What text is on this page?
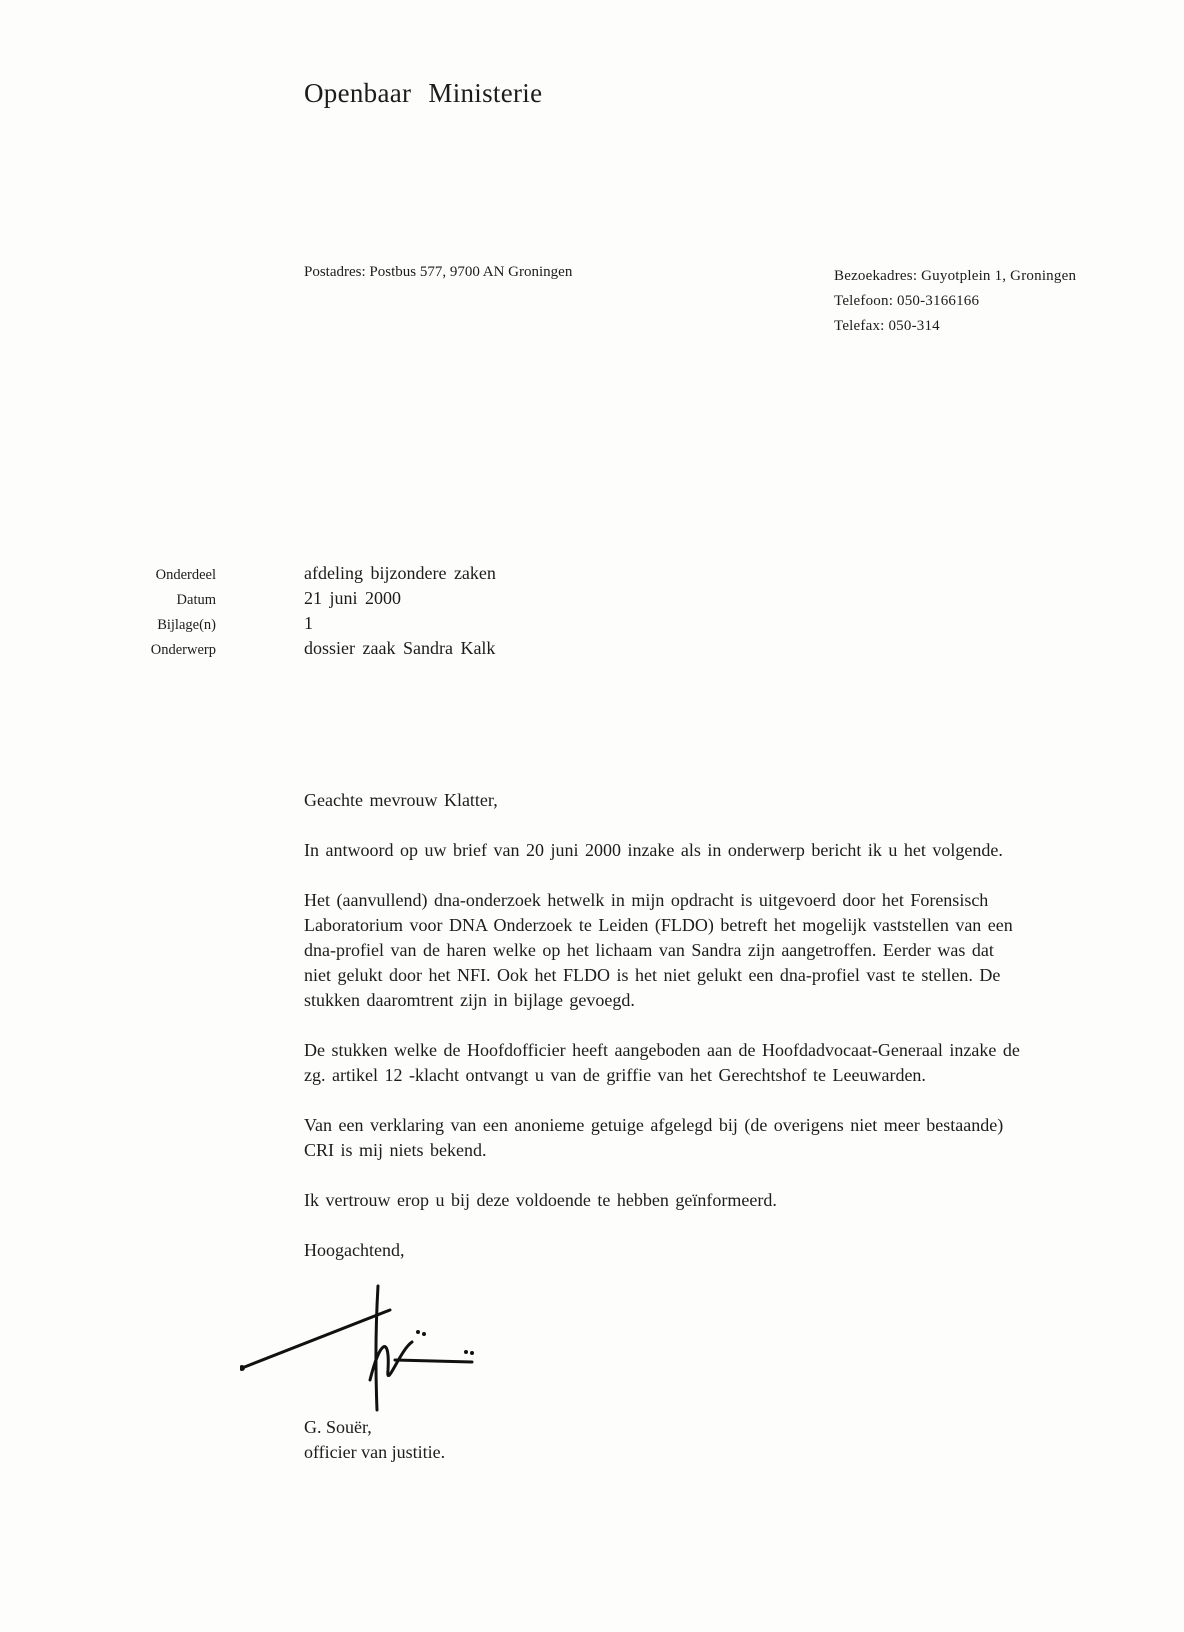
Openbaar Ministerie
Postadres: Postbus 577, 9700 AN Groningen	Bezoekadres: Guyotplein 1, Groningen
Telefoon: 050-3166166
Telefax: 050-314
Onderdeel	afdeling bijzondere zaken
Datum	21 juni 2000
Bijlage(n)	1
Onderwerp	dossier zaak Sandra Kalk

Geachte mevrouw Klatter,

In antwoord op uw brief van 20 juni 2000 inzake als in onderwerp bericht ik u het volgende.

Het (aanvullend) dna-onderzoek hetwelk in mijn opdracht is uitgevoerd door het Forensisch Laboratorium voor DNA Onderzoek te Leiden (FLDO) betreft het mogelijk vaststellen van een dna-profiel van de haren welke op het lichaam van Sandra zijn aangetroffen. Eerder was dat niet gelukt door het NFI. Ook het FLDO is het niet gelukt een dna-profiel vast te stellen. De stukken daaromtrent zijn in bijlage gevoegd.

De stukken welke de Hoofdofficier heeft aangeboden aan de Hoofdadvocaat-Generaal inzake de zg. artikel 12 -klacht ontvangt u van de griffie van het Gerechtshof te Leeuwarden.

Van een verklaring van een anonieme getuige afgelegd bij (de overigens niet meer bestaande) CRI is mij niets bekend.

Ik vertrouw erop u bij deze voldoende te hebben geïnformeerd.

Hoogachtend,

G. Souër,
officier van justitie.
